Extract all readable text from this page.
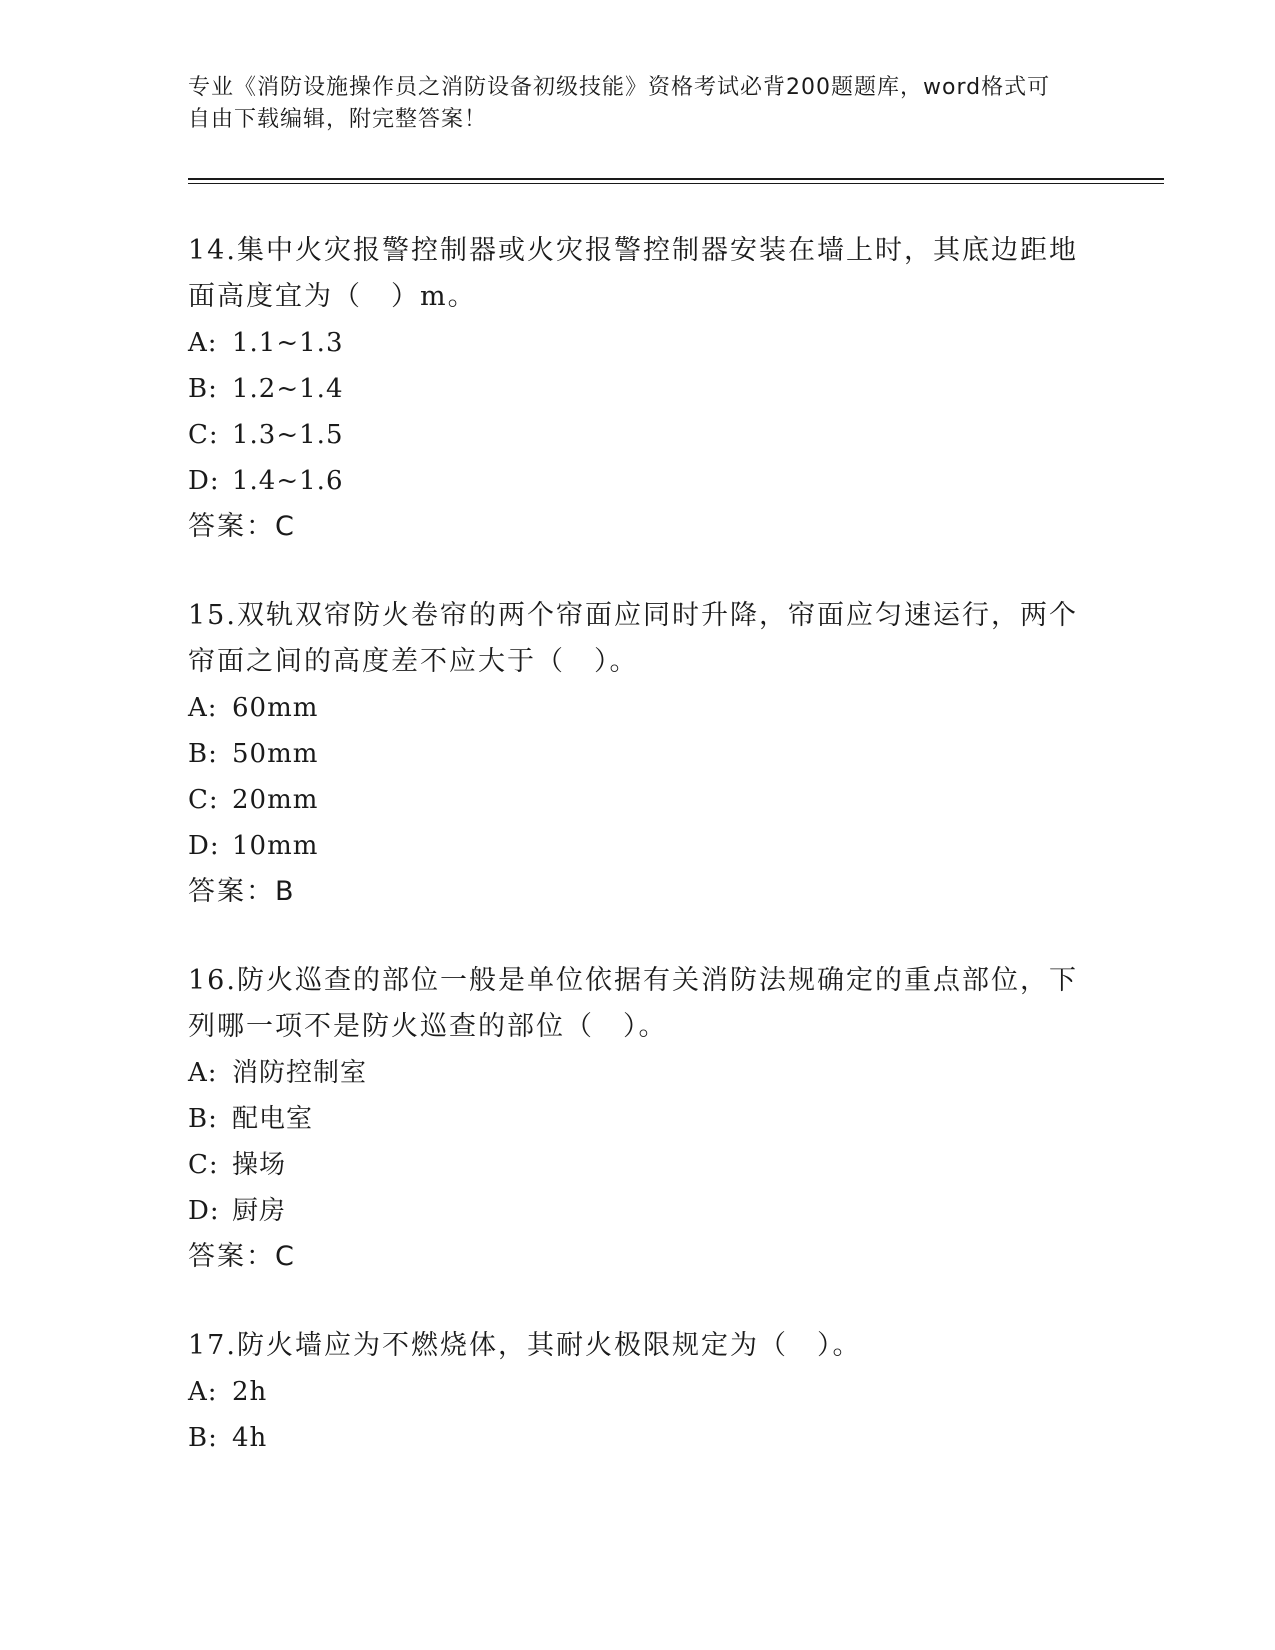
专业《消防设施操作员之消防设备初级技能》资格考试必背200题题库，word格式可自由下载编辑，附完整答案！

14.集中火灾报警控制器或火灾报警控制器安装在墙上时，其底边距地面高度宜为（　）m。

A: 1.1~1.3

B: 1.2~1.4

C: 1.3~1.5

D: 1.4~1.6

答案：C

15.双轨双帘防火卷帘的两个帘面应同时升降，帘面应匀速运行，两个帘面之间的高度差不应大于（　）。

A: 60mm

B: 50mm

C: 20mm

D: 10mm

答案：B

16.防火巡查的部位一般是单位依据有关消防法规确定的重点部位，下列哪一项不是防火巡查的部位（　）。

A: 消防控制室

B: 配电室

C: 操场

D: 厨房

答案：C

17.防火墙应为不燃烧体，其耐火极限规定为（　）。

A: 2h

B: 4h
